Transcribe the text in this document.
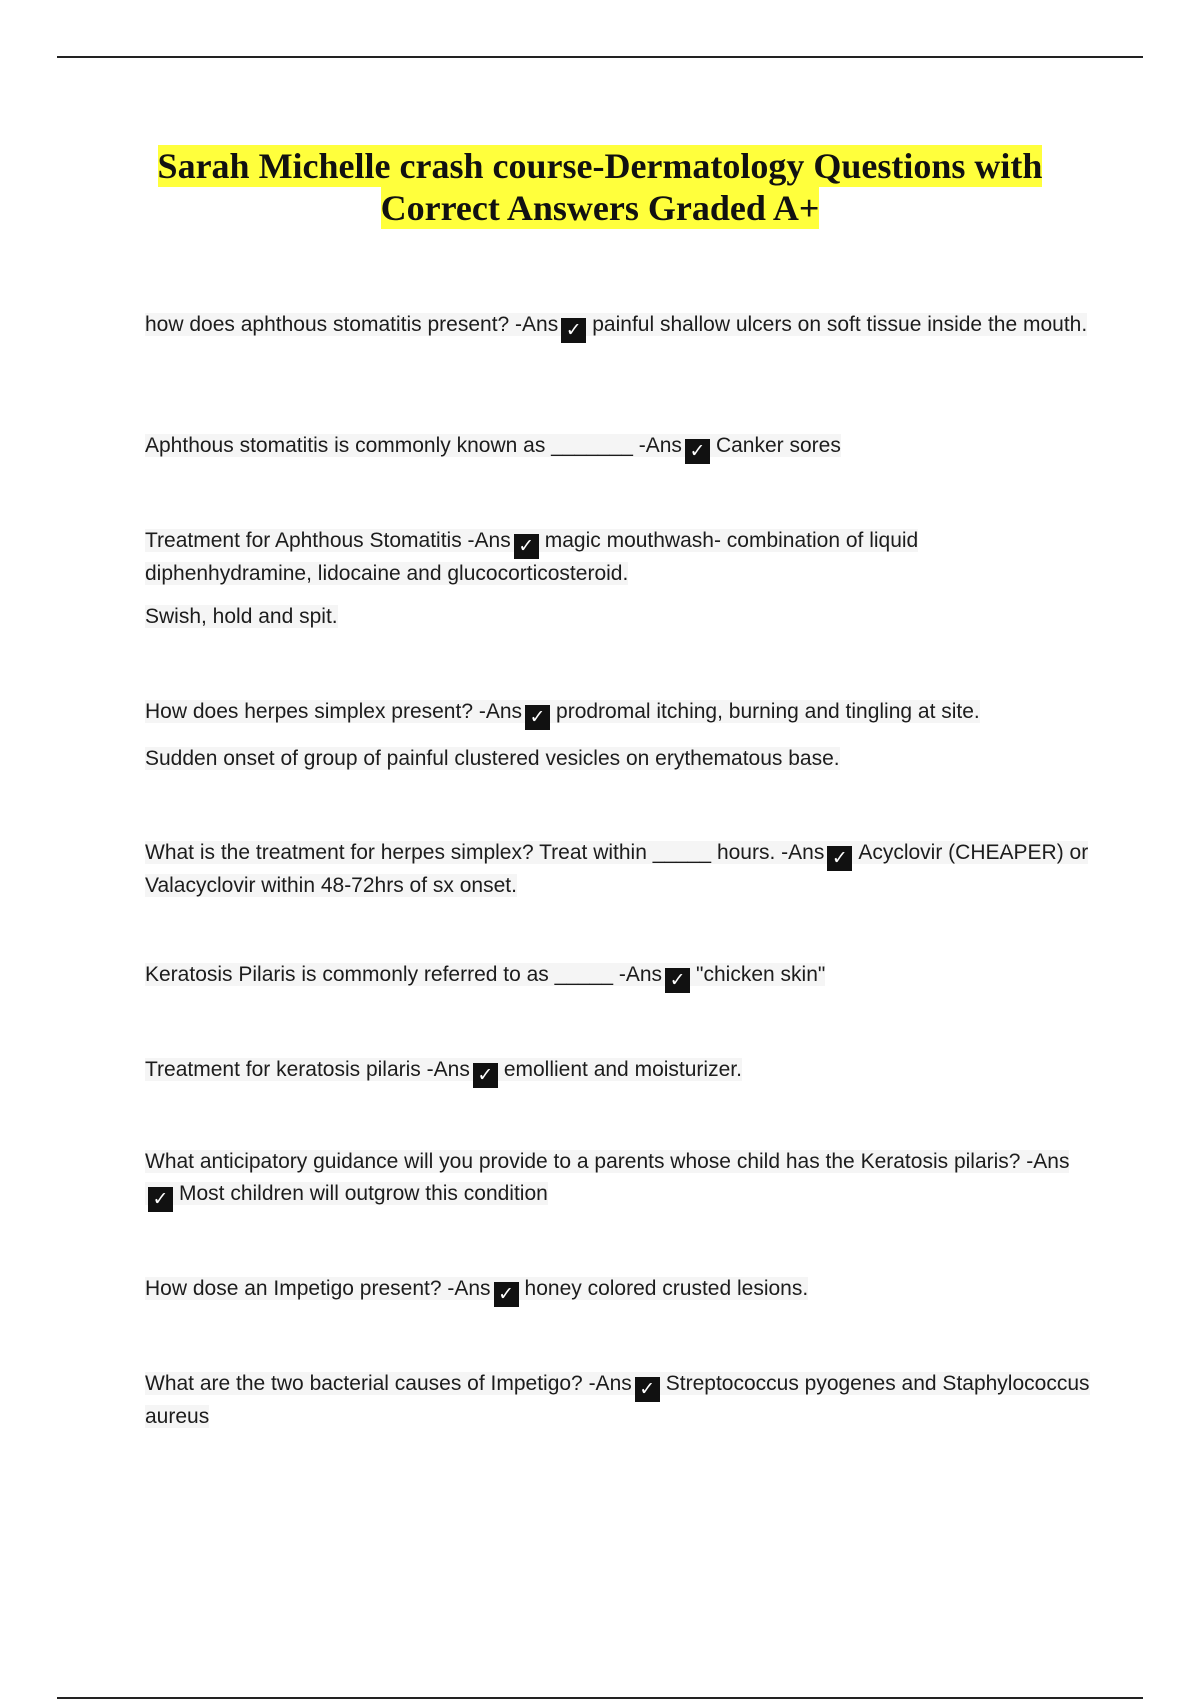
Sarah Michelle crash course-Dermatology Questions with
Correct Answers Graded A+

how does aphthous stomatitis present? -Ans ✓ painful shallow ulcers on soft tissue inside the mouth.

Aphthous stomatitis is commonly known as _______ -Ans ✓ Canker sores

Treatment for Aphthous Stomatitis -Ans ✓ magic mouthwash- combination of liquid diphenhydramine, lidocaine and glucocorticosteroid.

Swish, hold and spit.

How does herpes simplex present? -Ans ✓ prodromal itching, burning and tingling at site.

Sudden onset of group of painful clustered vesicles on erythematous base.

What is the treatment for herpes simplex? Treat within _____ hours. -Ans ✓ Acyclovir (CHEAPER) or Valacyclovir within 48-72hrs of sx onset.

Keratosis Pilaris is commonly referred to as _____ -Ans ✓ "chicken skin"

Treatment for keratosis pilaris -Ans ✓ emollient and moisturizer.

What anticipatory guidance will you provide to a parents whose child has the Keratosis pilaris? -Ans✓ Most children will outgrow this condition

How dose an Impetigo present? -Ans ✓ honey colored crusted lesions.

What are the two bacterial causes of Impetigo? -Ans ✓ Streptococcus pyogenes and Staphylococcus aureus
